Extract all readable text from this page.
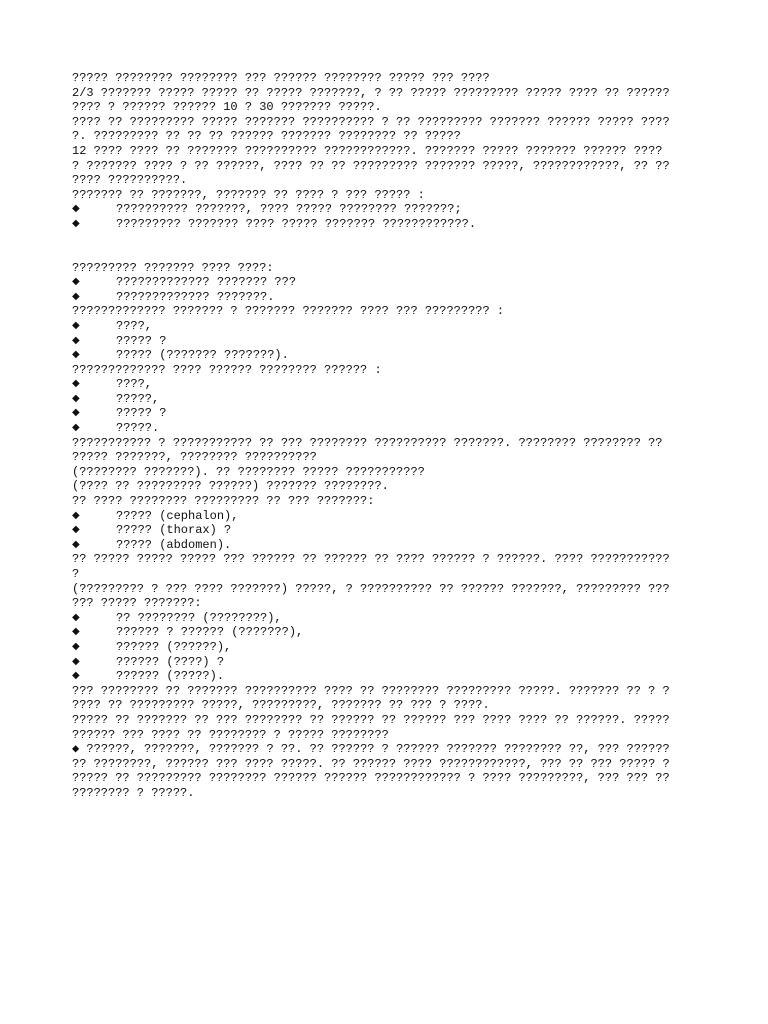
????? ???????? ???????? ??? ?????? ???????? ????? ??? ????
2/3 ??????? ????? ????? ?? ????? ???????, ? ?? ????? ????????? ????? ???? ?? ??????
???? ? ?????? ?????? 10 ? 30 ??????? ?????.
???? ?? ????????? ????? ??????? ?????????? ? ?? ????????? ??????? ?????? ????? ????
?. ????????? ?? ?? ?? ?????? ??????? ???????? ?? ?????
12 ???? ???? ?? ??????? ?????????? ????????????. ??????? ????? ??????? ?????? ????
? ??????? ???? ? ?? ??????, ???? ?? ?? ????????? ??????? ?????, ????????????, ?? ??
???? ??????????.
??????? ?? ???????, ??????? ?? ???? ? ??? ????? :
◆	?????????? ???????, ???? ????? ???????? ???????;
◆	????????? ??????? ???? ????? ??????? ????????????.
????????? ??????? ???? ????:
◆	????????????? ??????? ???
◆	????????????? ???????.
????????????? ??????? ? ??????? ??????? ???? ??? ????????? :
◆	????,
◆	????? ?
◆	????? (??????? ???????).
????????????? ???? ?????? ???????? ?????? :
◆	????,
◆	?????,
◆	????? ?
◆	?????.
??????????? ? ??????????? ?? ??? ???????? ?????????? ???????. ???????? ???????? ??
????? ???????, ???????? ??????????
(???????? ???????). ?? ???????? ????? ???????????
(???? ?? ????????? ??????) ??????? ????????.
?? ???? ???????? ????????? ?? ??? ???????:
◆	????? (cephalon),
◆	????? (thorax) ?
◆	????? (abdomen).
?? ????? ????? ????? ??? ?????? ?? ?????? ?? ???? ?????? ? ??????. ???? ???????????
?
(????????? ? ??? ???? ???????) ?????, ? ?????????? ?? ?????? ???????, ????????? ???
??? ????? ???????:
◆	?? ???????? (????????),
◆	?????? ? ?????? (???????),
◆	?????? (??????),
◆	?????? (????) ?
◆	?????? (?????).
??? ???????? ?? ??????? ?????????? ???? ?? ???????? ????????? ?????. ??????? ?? ? ?
???? ?? ????????? ?????, ?????????, ??????? ?? ??? ? ????.
????? ?? ??????? ?? ??? ???????? ?? ?????? ?? ?????? ??? ???? ???? ?? ??????. ?????
?????? ??? ???? ?? ???????? ? ????? ????????
◆ ??????, ???????, ??????? ? ??. ?? ?????? ? ?????? ??????? ???????? ??, ??? ??????
?? ????????, ?????? ??? ???? ?????. ?? ?????? ???? ????????????, ??? ?? ??? ????? ?
????? ?? ????????? ???????? ?????? ?????? ???????????? ? ???? ?????????, ??? ??? ??
???????? ? ?????.
